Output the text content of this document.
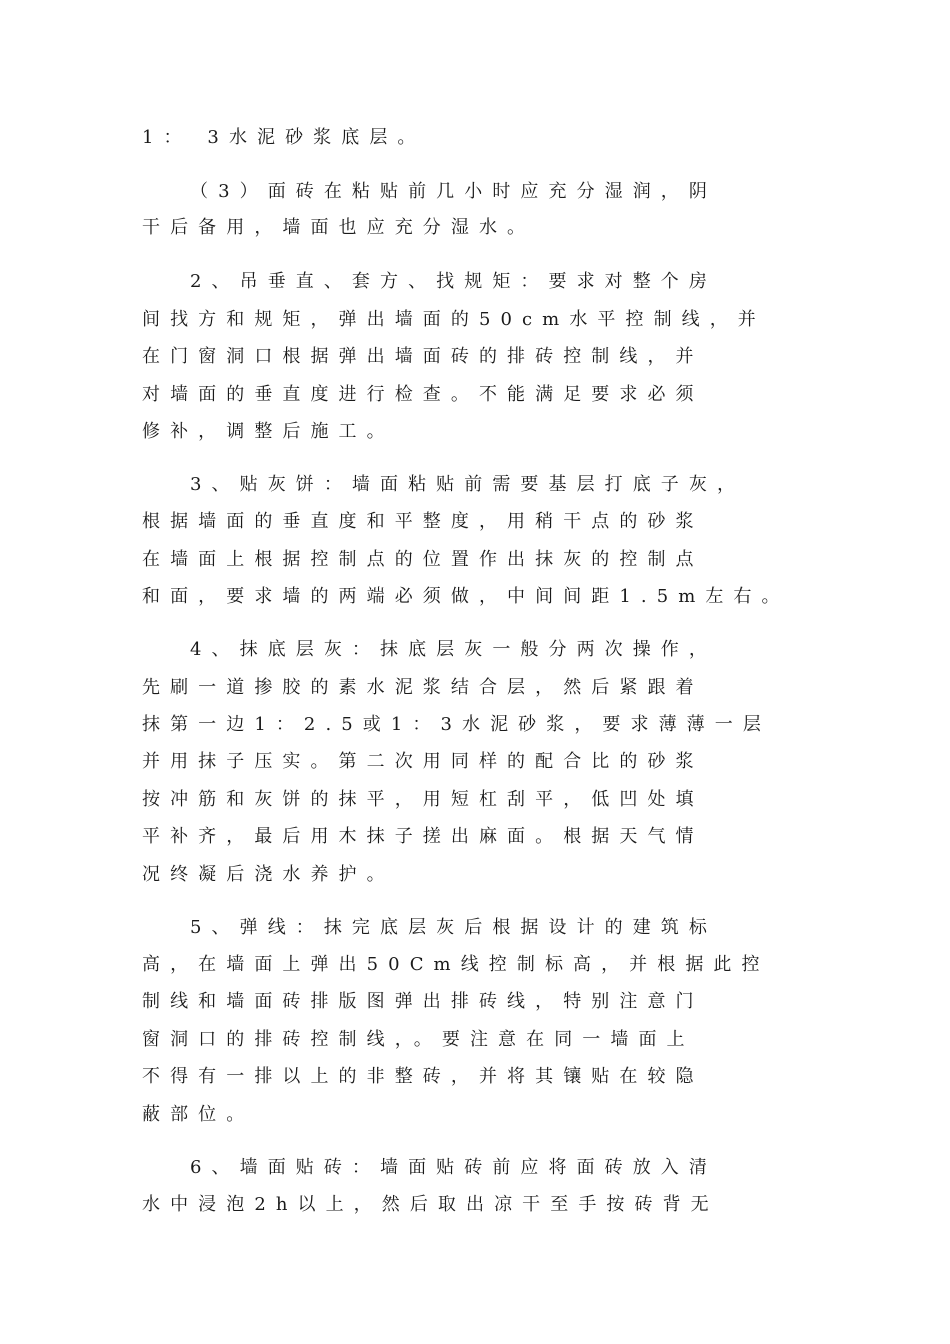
1： 3水泥砂浆底层。
（3）面砖在粘贴前几小时应充分湿润，阴
干后备用，墙面也应充分湿水。
2、吊垂直、套方、找规矩：要求对整个房
间找方和规矩，弹出墙面的50cm水平控制线，并
在门窗洞口根据弹出墙面砖的排砖控制线，并
对墙面的垂直度进行检查。不能满足要求必须
修补，调整后施工。
3、贴灰饼：墙面粘贴前需要基层打底子灰，
根据墙面的垂直度和平整度，用稍干点的砂浆
在墙面上根据控制点的位置作出抹灰的控制点
和面，要求墙的两端必须做，中间间距1.5m左右。
4、抹底层灰：抹底层灰一般分两次操作，
先刷一道掺胶的素水泥浆结合层，然后紧跟着
抹第一边1：2.5或1：3水泥砂浆，要求薄薄一层
并用抹子压实。第二次用同样的配合比的砂浆
按冲筋和灰饼的抹平，用短杠刮平，低凹处填
平补齐，最后用木抹子搓出麻面。根据天气情
况终凝后浇水养护。
5、弹线：抹完底层灰后根据设计的建筑标
高，在墙面上弹出50Cm线控制标高，并根据此控
制线和墙面砖排版图弹出排砖线，特别注意门
窗洞口的排砖控制线，。要注意在同一墙面上
不得有一排以上的非整砖，并将其镶贴在较隐
蔽部位。
6、墙面贴砖：墙面贴砖前应将面砖放入清
水中浸泡2h以上，然后取出凉干至手按砖背无
